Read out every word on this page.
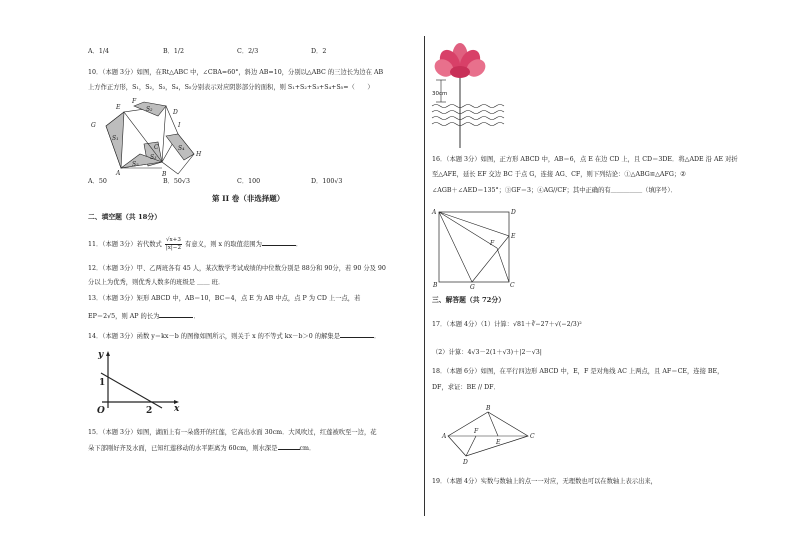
A．1/4	B．1/2	C．2/3	D．2
10．（本题 3分）如图，在Rt△ABC 中，∠CBA=60°，斜边 AB=10，分别以△ABC 的三边长为边在 AB
上方作正方形，S₁，S₂，S₃，S₄，S₅分别表示对应阴影部分的面积，则 S₁+S₂+S₃+S₄+S₅=（　　）
E
F
D
G	I
H
C
A	B
S₁
S₂
S₃
S₄
S₅
A．50	B．50√3	C．100	D．100√3
第 II 卷（非选择题）
二、填空题（共 18分）
11．（本题 3分）若代数式 $\frac{√x+3}{|x|-2}$ 有意义，则 x 的取值范围为	．
12．（本题 3分）甲、乙两班各有 45 人，某次数学考试成绩的中位数分别是 88分和 90分，若 90 分及 90
分以上为优秀，则优秀人数多的班级是 ＿＿ 班．
13．（本题 3分）矩形 ABCD 中，AB＝10，BC＝4，点 E 为 AB 中点，点 P 为 CD 上一点，若
EP＝2√5，则 AP 的长为	．
14．（本题 3分）函数 y＝kx－b 的图像如图所示，则关于 x 的不等式 kx－b＞0 的解集是	．
y
x
1
2
O
15．（本题 3分）如图，湖面上有一朵盛开的红莲，它高出水面 30cm．大风吹过，红莲被吹至一边，花
朵下部刚好齐及水面，已知红莲移动的水平距离为 60cm，则水深是	cm．
30cm
16．（本题 3分）如图，正方形 ABCD 中，AB＝6，点 E 在边 CD 上，且 CD＝3DE．将△ADE 沿 AE 对折
至△AFE，延长 EF 交边 BC 于点 G，连接 AG、CF，则下列结论：①△ABG≌△AFG；②
∠AGB＋∠AED＝135°；③GF＝3；④AG//CF；其中正确的有＿＿＿＿＿（填序号）．
A	D
E
F
B	G	C
三、解答题（共 72分）
17．（本题 4分）（1）计算：√81＋∛−27＋√(−2/3)²
（2）计算：4√3－2(1＋√3)＋|2－√3|
18．（本题 6分）如图，在平行四边形 ABCD 中，E，F 是对角线 AC 上两点，且 AF＝CE，连接 BE，
DF，求证：BE // DF．
A
B
C
D
E
F
19．（本题 4分）实数与数轴上的点一一对应，无理数也可以在数轴上表示出来，
